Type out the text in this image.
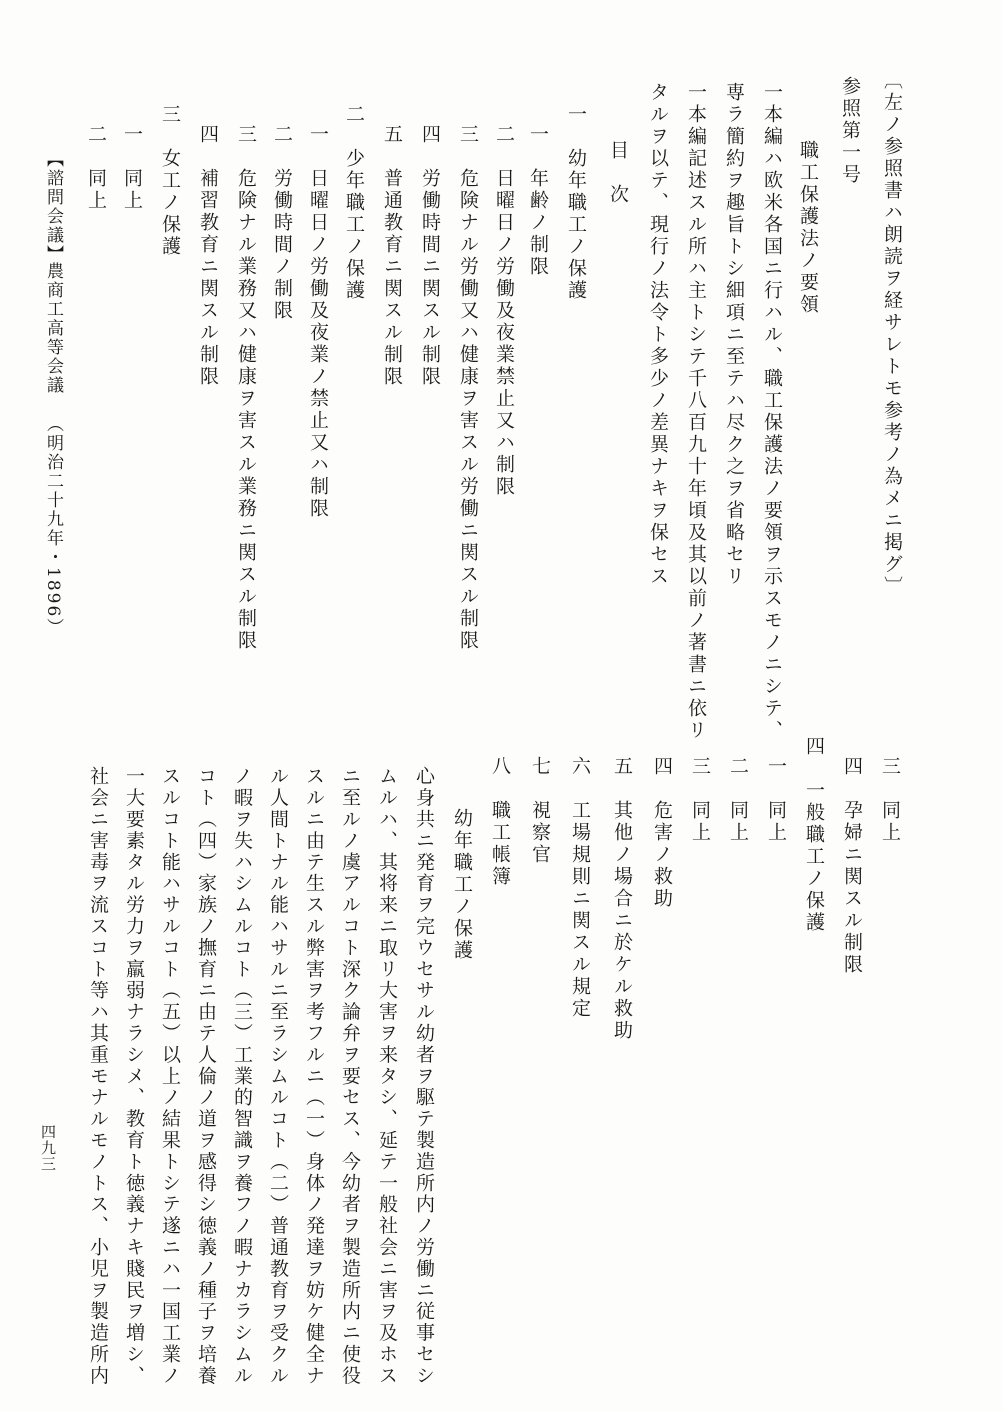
【諮問会議】
農商工高等会議
（明治二十九年・1896）
四九三
〔左ノ参照書ハ朗読ヲ経サレトモ参考ノ為メニ掲グ〕
参照第一号
職工保護法ノ要領
一本編ハ欧米各国ニ行ハル、職工保護法ノ要領ヲ示スモノニシテ、
専ラ簡約ヲ趣旨トシ細項ニ至テハ尽ク之ヲ省略セリ
一本編記述スル所ハ主トシテ千八百九十年頃及其以前ノ著書ニ依リ
タルヲ以テ、現行ノ法令ト多少ノ差異ナキヲ保セス
目　次
一　幼年職工ノ保護
一　年齢ノ制限
二　日曜日ノ労働及夜業禁止又ハ制限
三　危険ナル労働又ハ健康ヲ害スル労働ニ関スル制限
四　労働時間ニ関スル制限
五　普通教育ニ関スル制限
二　少年職工ノ保護
一　日曜日ノ労働及夜業ノ禁止又ハ制限
二　労働時間ノ制限
三　危険ナル業務又ハ健康ヲ害スル業務ニ関スル制限
四　補習教育ニ関スル制限
三　女工ノ保護
一　同上
二　同上
三　同上
四　孕婦ニ関スル制限
四　一般職工ノ保護
一　同上
二　同上
三　同上
四　危害ノ救助
五　其他ノ場合ニ於ケル救助
六　工場規則ニ関スル規定
七　視察官
八　職工帳簿
幼年職工ノ保護
心身共ニ発育ヲ完ウセサル幼者ヲ駆テ製造所内ノ労働ニ従事セシ
ムルハ、其将来ニ取リ大害ヲ来タシ、延テ一般社会ニ害ヲ及ホス
ニ至ルノ虞アルコト深ク論弁ヲ要セス、今幼者ヲ製造所内ニ使役
スルニ由テ生スル弊害ヲ考フルニ（一）身体ノ発達ヲ妨ケ健全ナ
ル人間トナル能ハサルニ至ラシムルコト（二）普通教育ヲ受クル
ノ暇ヲ失ハシムルコト（三）工業的智識ヲ養フノ暇ナカラシムル
コト（四）家族ノ撫育ニ由テ人倫ノ道ヲ感得シ徳義ノ種子ヲ培養
スルコト能ハサルコト（五）以上ノ結果トシテ遂ニハ一国工業ノ
一大要素タル労力ヲ羸弱ナラシメ、教育ト徳義ナキ賤民ヲ増シ、
社会ニ害毒ヲ流スコト等ハ其重モナルモノトス、小児ヲ製造所内
